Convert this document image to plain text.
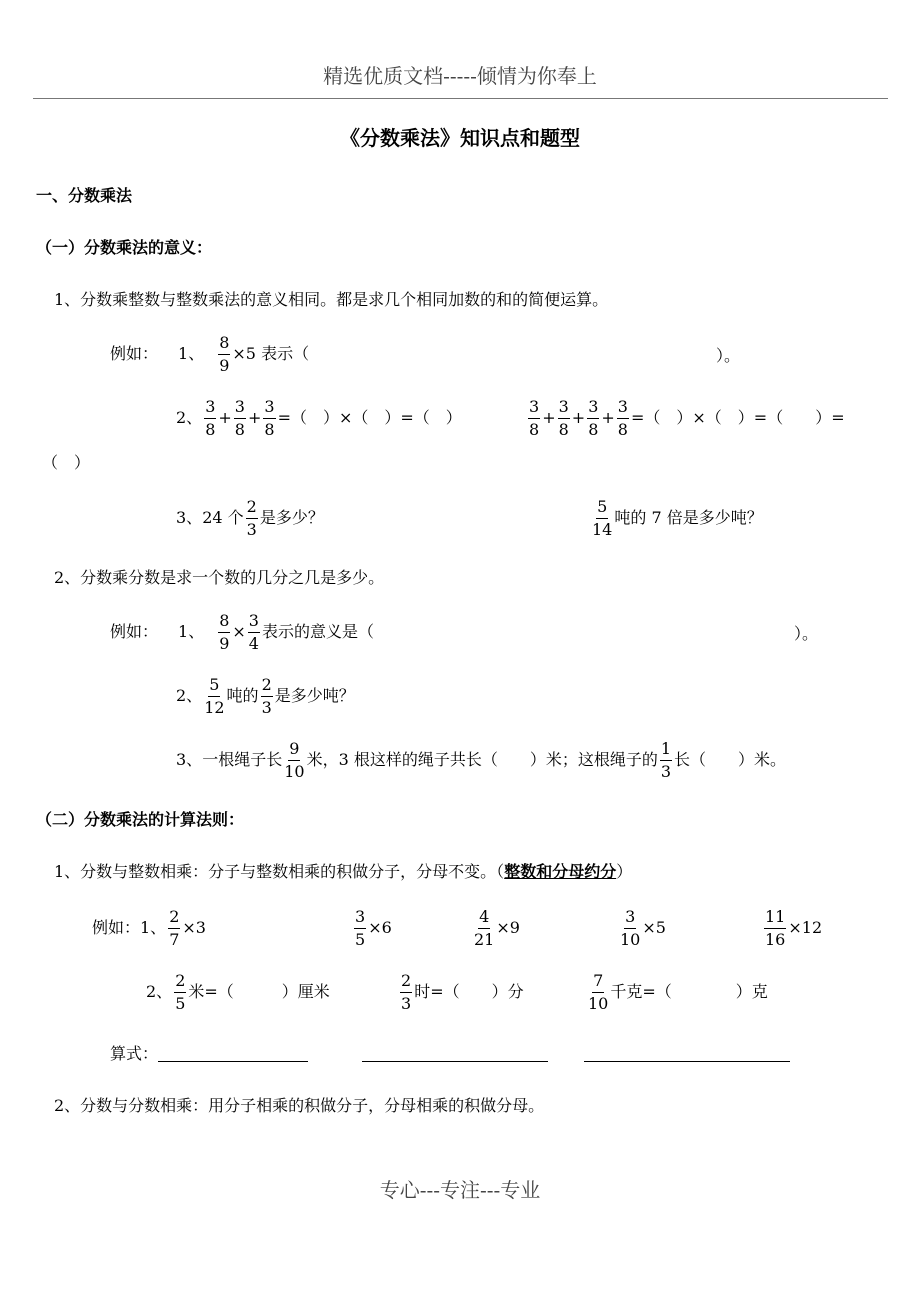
精选优质文档-----倾情为你奉上
《分数乘法》知识点和题型
一、分数乘法
（一）分数乘法的意义：
1、分数乘整数与整数乘法的意义相同。都是求几个相同加数的和的简便运算。
例如： 1、 $\frac{8}{9} \times 5$ 表示（	）。
2、 $\frac{3}{8} + \frac{3}{8} + \frac{3}{8}$ =（　）×（　）=（　）	$\frac{3}{8} + \frac{3}{8} + \frac{3}{8} + \frac{3}{8}$ =（　）×（　）=（　　）=
（　）
3、 24 个 $\frac{2}{3}$ 是多少？	$\frac{5}{14}$ 吨的 7 倍是多少吨？
2、分数乘分数是求一个数的几分之几是多少。
例如： 1、 $\frac{8}{9} \times \frac{3}{4}$ 表示的意义是（	）。
2、 $\frac{5}{12}$ 吨的 $\frac{2}{3}$ 是多少吨？
3、 一根绳子长 $\frac{9}{10}$ 米，3 根这样的绳子共长（　　）米；这根绳子的 $\frac{1}{3}$ 长（　　）米。
（二）分数乘法的计算法则：
1、分数与整数相乘：分子与整数相乘的积做分子，分母不变。（整数和分母约分）
例如：1、 $\frac{2}{7} \times 3$	$\frac{3}{5} \times 6$	$\frac{4}{21} \times 9$	$\frac{3}{10} \times 5$	$\frac{11}{16} \times 12$
2、 $\frac{2}{5}$ 米=（　　　）厘米	$\frac{2}{3}$ 时=（　　）分	$\frac{7}{10}$ 千克=（　　　　）克
算式：
2、分数与分数相乘：用分子相乘的积做分子，分母相乘的积做分母。
专心---专注---专业
